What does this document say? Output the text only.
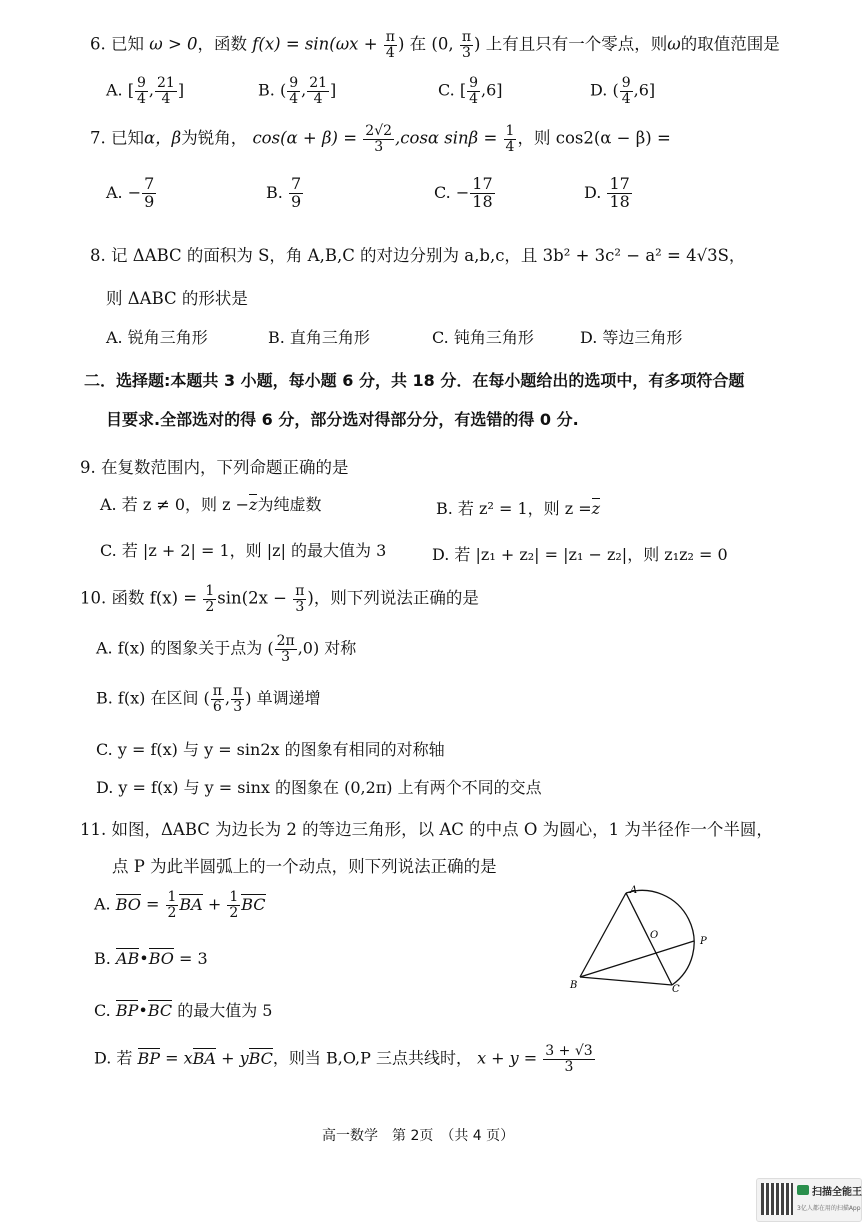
6. 已知 ω > 0，函数 $f(x) = \sin(\omega x + \frac{\pi}{4}$ ) 在 (0, $\frac{\pi}{3}$ ) 上有且只有一个零点，则ω的取值范围是
A. [ $\frac{9}{4}$ , $\frac{21}{4}$ ]	B. ( $\frac{9}{4}$ , $\frac{21}{4}$ ]	C. [ $\frac{9}{4} ,6$]	D. ( $\frac{9}{4} ,6$]
7. 已知α，β为锐角， $\cos(\alpha + \beta) = \frac{2√2}{3} ,\cos\alpha$ $\sin\beta = \frac{1}{4}$ ，则 cos2(α − β) =
A. − $\frac{7}{9}$	B. $\frac{7}{9}$	C. − $\frac{17}{18}$	D. $\frac{17}{18}$
8. 记 ΔABC 的面积为 S，角 A,B,C 的对边分别为 a,b,c，且 3b² + 3c² − a² = 4√3S，
则 ΔABC 的形状是
A. 锐角三角形	B. 直角三角形	C. 钝角三角形	D. 等边三角形
二．选择题:本题共 3 小题，每小题 6 分，共 18 分．在每小题给出的选项中，有多项符合题
目要求.全部选对的得 6 分，部分选对得部分分，有选错的得 0 分.
9. 在复数范围内，下列命题正确的是
A. 若 z ≠ 0，则 z −z为纯虚数	B. 若 z² = 1，则 z =z
C. 若 |z + 2| = 1，则 |z| 的最大值为 3	D. 若 |z₁ + z₂| = |z₁ − z₂|，则 z₁z₂ = 0
10. 函数 $f(x) = \frac{1}{2} \sin(2x - \frac{\pi}{3}$ )，则下列说法正确的是
A. f(x) 的图象关于点为 ( $\frac{2\pi}{3} ,0$) 对称
B. f(x) 在区间 ( $\frac{\pi}{6}$ , $\frac{\pi}{3}$ ) 单调递增
C. y = f(x) 与 y = sin2x 的图象有相同的对称轴
D. y = f(x) 与 y = sinx 的图象在 (0,2π) 上有两个不同的交点
11. 如图，ΔABC 为边长为 2 的等边三角形，以 AC 的中点 O 为圆心，1 为半径作一个半圆，
点 P 为此半圆弧上的一个动点，则下列说法正确的是
A. BO = $\frac{1}{2}$ BA + $\frac{1}{2}$ BC
B. AB•BO = 3
C. BP•BC 的最大值为 5
D. 若 BP = xBA + yBC，则当 B,O,P 三点共线时， $x + y = \frac{3 + √3}{3}$
A
O
P
B	C
高一数学　第 2页　（共 4 页）
扫描全能王
3亿人都在用的扫描App
